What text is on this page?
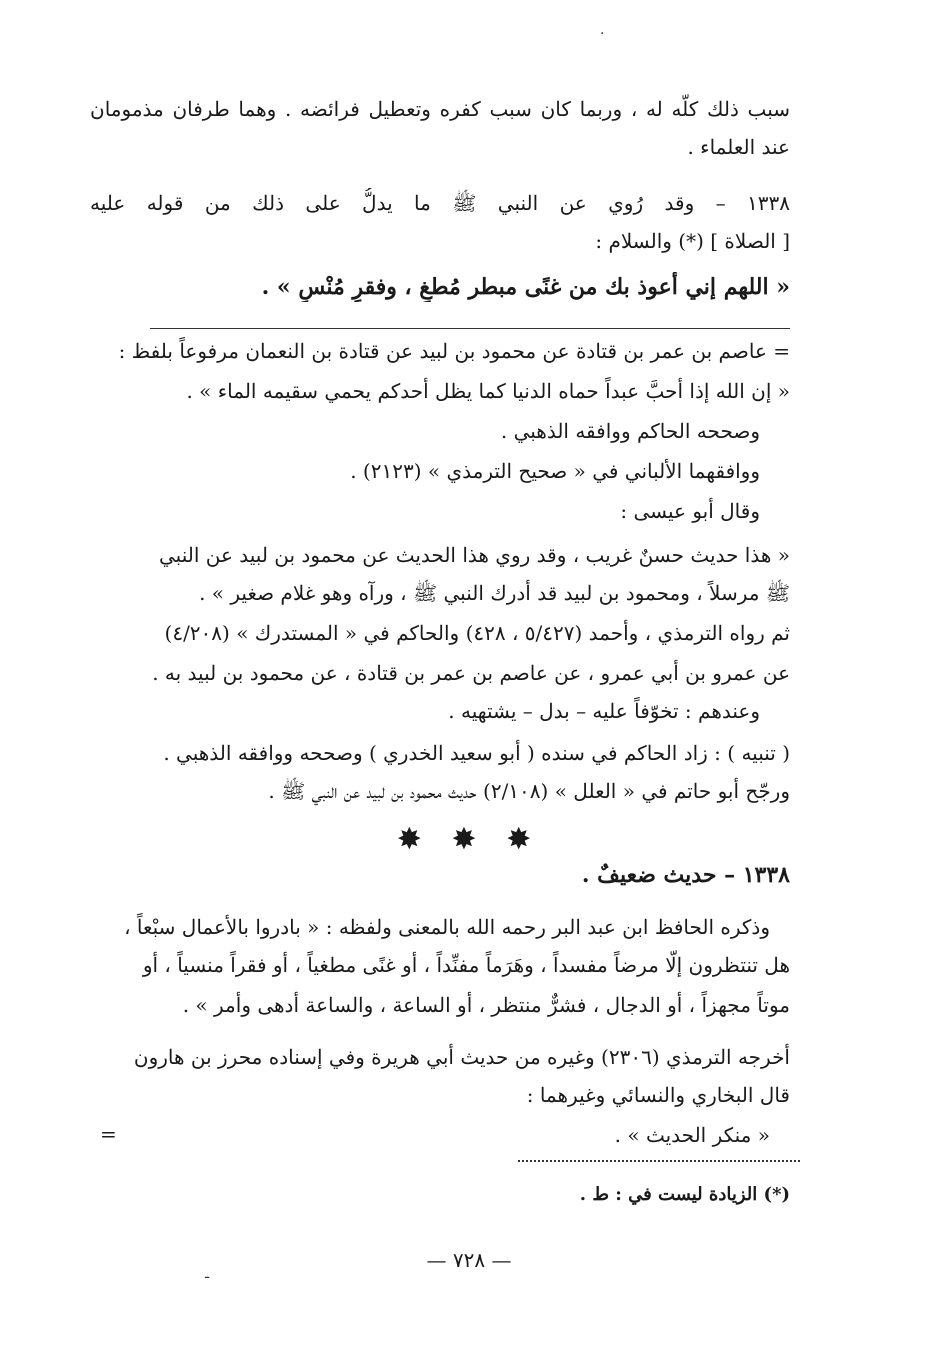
.
سبب ذلك كلّه له ، وربما كان سبب كفره وتعطيل فرائضه . وهما طرفان مذمومان
عند العلماء .
١٣٣٨ – وقد رُوي عن النبي ﷺ ما يدلُّ على ذلك من قوله عليه
[ الصلاة ] (*) والسلام :
« اللهم إني أعوذ بك من غنًى مبطر مُطغٍ ، وفقرٍ مُنْسٍ » .
= عاصم بن عمر بن قتادة عن محمود بن لبيد عن قتادة بن النعمان مرفوعاً بلفظ :
« إن الله إذا أحبَّ عبداً حماه الدنيا كما يظل أحدكم يحمي سقيمه الماء » .
وصححه الحاكم ووافقه الذهبي .
ووافقهما الألباني في « صحيح الترمذي » (٢١٢٣) .
وقال أبو عيسى :
« هذا حديث حسنٌ غريب ، وقد روي هذا الحديث عن محمود بن لبيد عن النبي
ﷺ مرسلاً ، ومحمود بن لبيد قد أدرك النبي ﷺ ، ورآه وهو غلام صغير » .
ثم رواه الترمذي ، وأحمد (٥/٤٢٧ ، ٤٢٨) والحاكم في « المستدرك » (٤/٢٠٨)
عن عمرو بن أبي عمرو ، عن عاصم بن عمر بن قتادة ، عن محمود بن لبيد به .
وعندهم : تخوّفاً عليه – بدل – يشتهيه .
( تنبيه ) : زاد الحاكم في سنده ( أبو سعيد الخدري ) وصححه ووافقه الذهبي .
ورجّح أبو حاتم في « العلل » (٢/١٠٨) حديث محمود بن لبيد عن النبي ﷺ .
✸ ✸ ✸
١٣٣٨ – حديث ضعيفٌ .
وذكره الحافظ ابن عبد البر رحمه الله بالمعنى ولفظه : « بادروا بالأعمال سبْعاً ،
هل تنتظرون إلَّا مرضاً مفسداً ، وهَرَماً مفنِّداً ، أو غنًى مطغياً ، أو فقراً منسياً ، أو
موتاً مجهزاً ، أو الدجال ، فشرٌّ منتظر ، أو الساعة ، والساعة أدهى وأمر » .
أخرجه الترمذي (٢٣٠٦) وغيره من حديث أبي هريرة وفي إسناده محرز بن هارون
قال البخاري والنسائي وغيرهما :
« منكر الحديث » .
=
(*) الزيادة ليست في : ط .
— ٧٢٨ —
ـ
